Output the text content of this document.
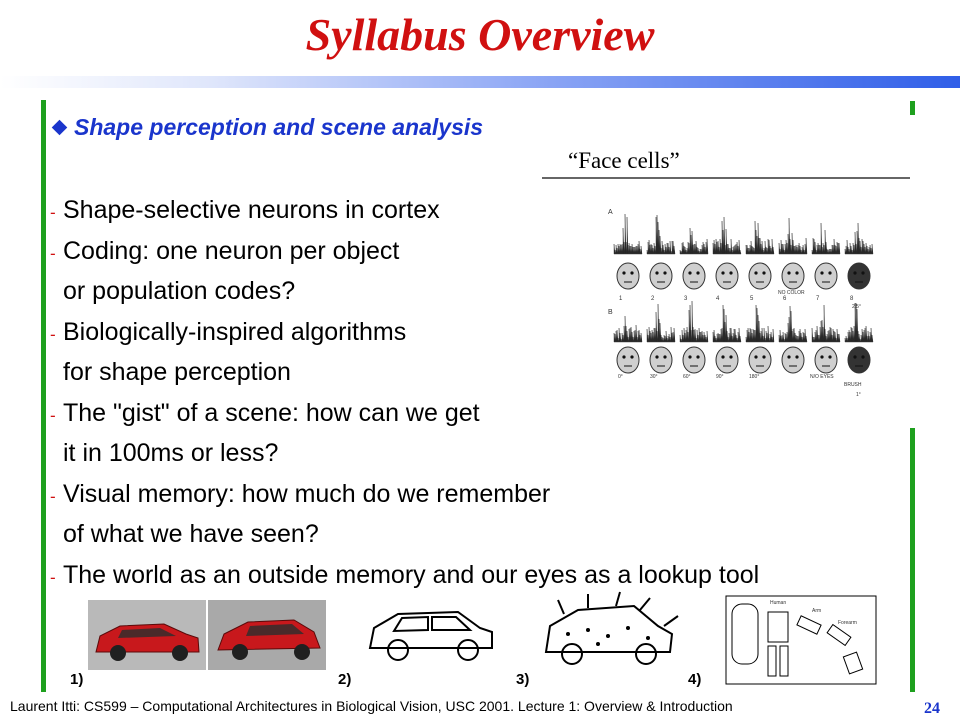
Syllabus Overview
Shape perception and scene analysis
- Shape-selective neurons in cortex
- Coding: one neuron per object
or population codes?
- Biologically-inspired algorithms
for shape perception
- The "gist" of a scene: how can we get
it in 100ms or less?
- Visual memory: how much do we remember
of what we have seen?
- The world as an outside memory and our eyes as a lookup tool
“Face cells”
A
1	2	3	4	5	6	7	8
NO COLOR
2.5°
B
0°	30°	60°	90°	180°	N/O EYES
BRUSH
1°
1)	2)	3)	4)
Human
Arm
Forearm
Laurent Itti: CS599 – Computational Architectures in Biological Vision, USC 2001. Lecture 1: Overview & Introduction	24
